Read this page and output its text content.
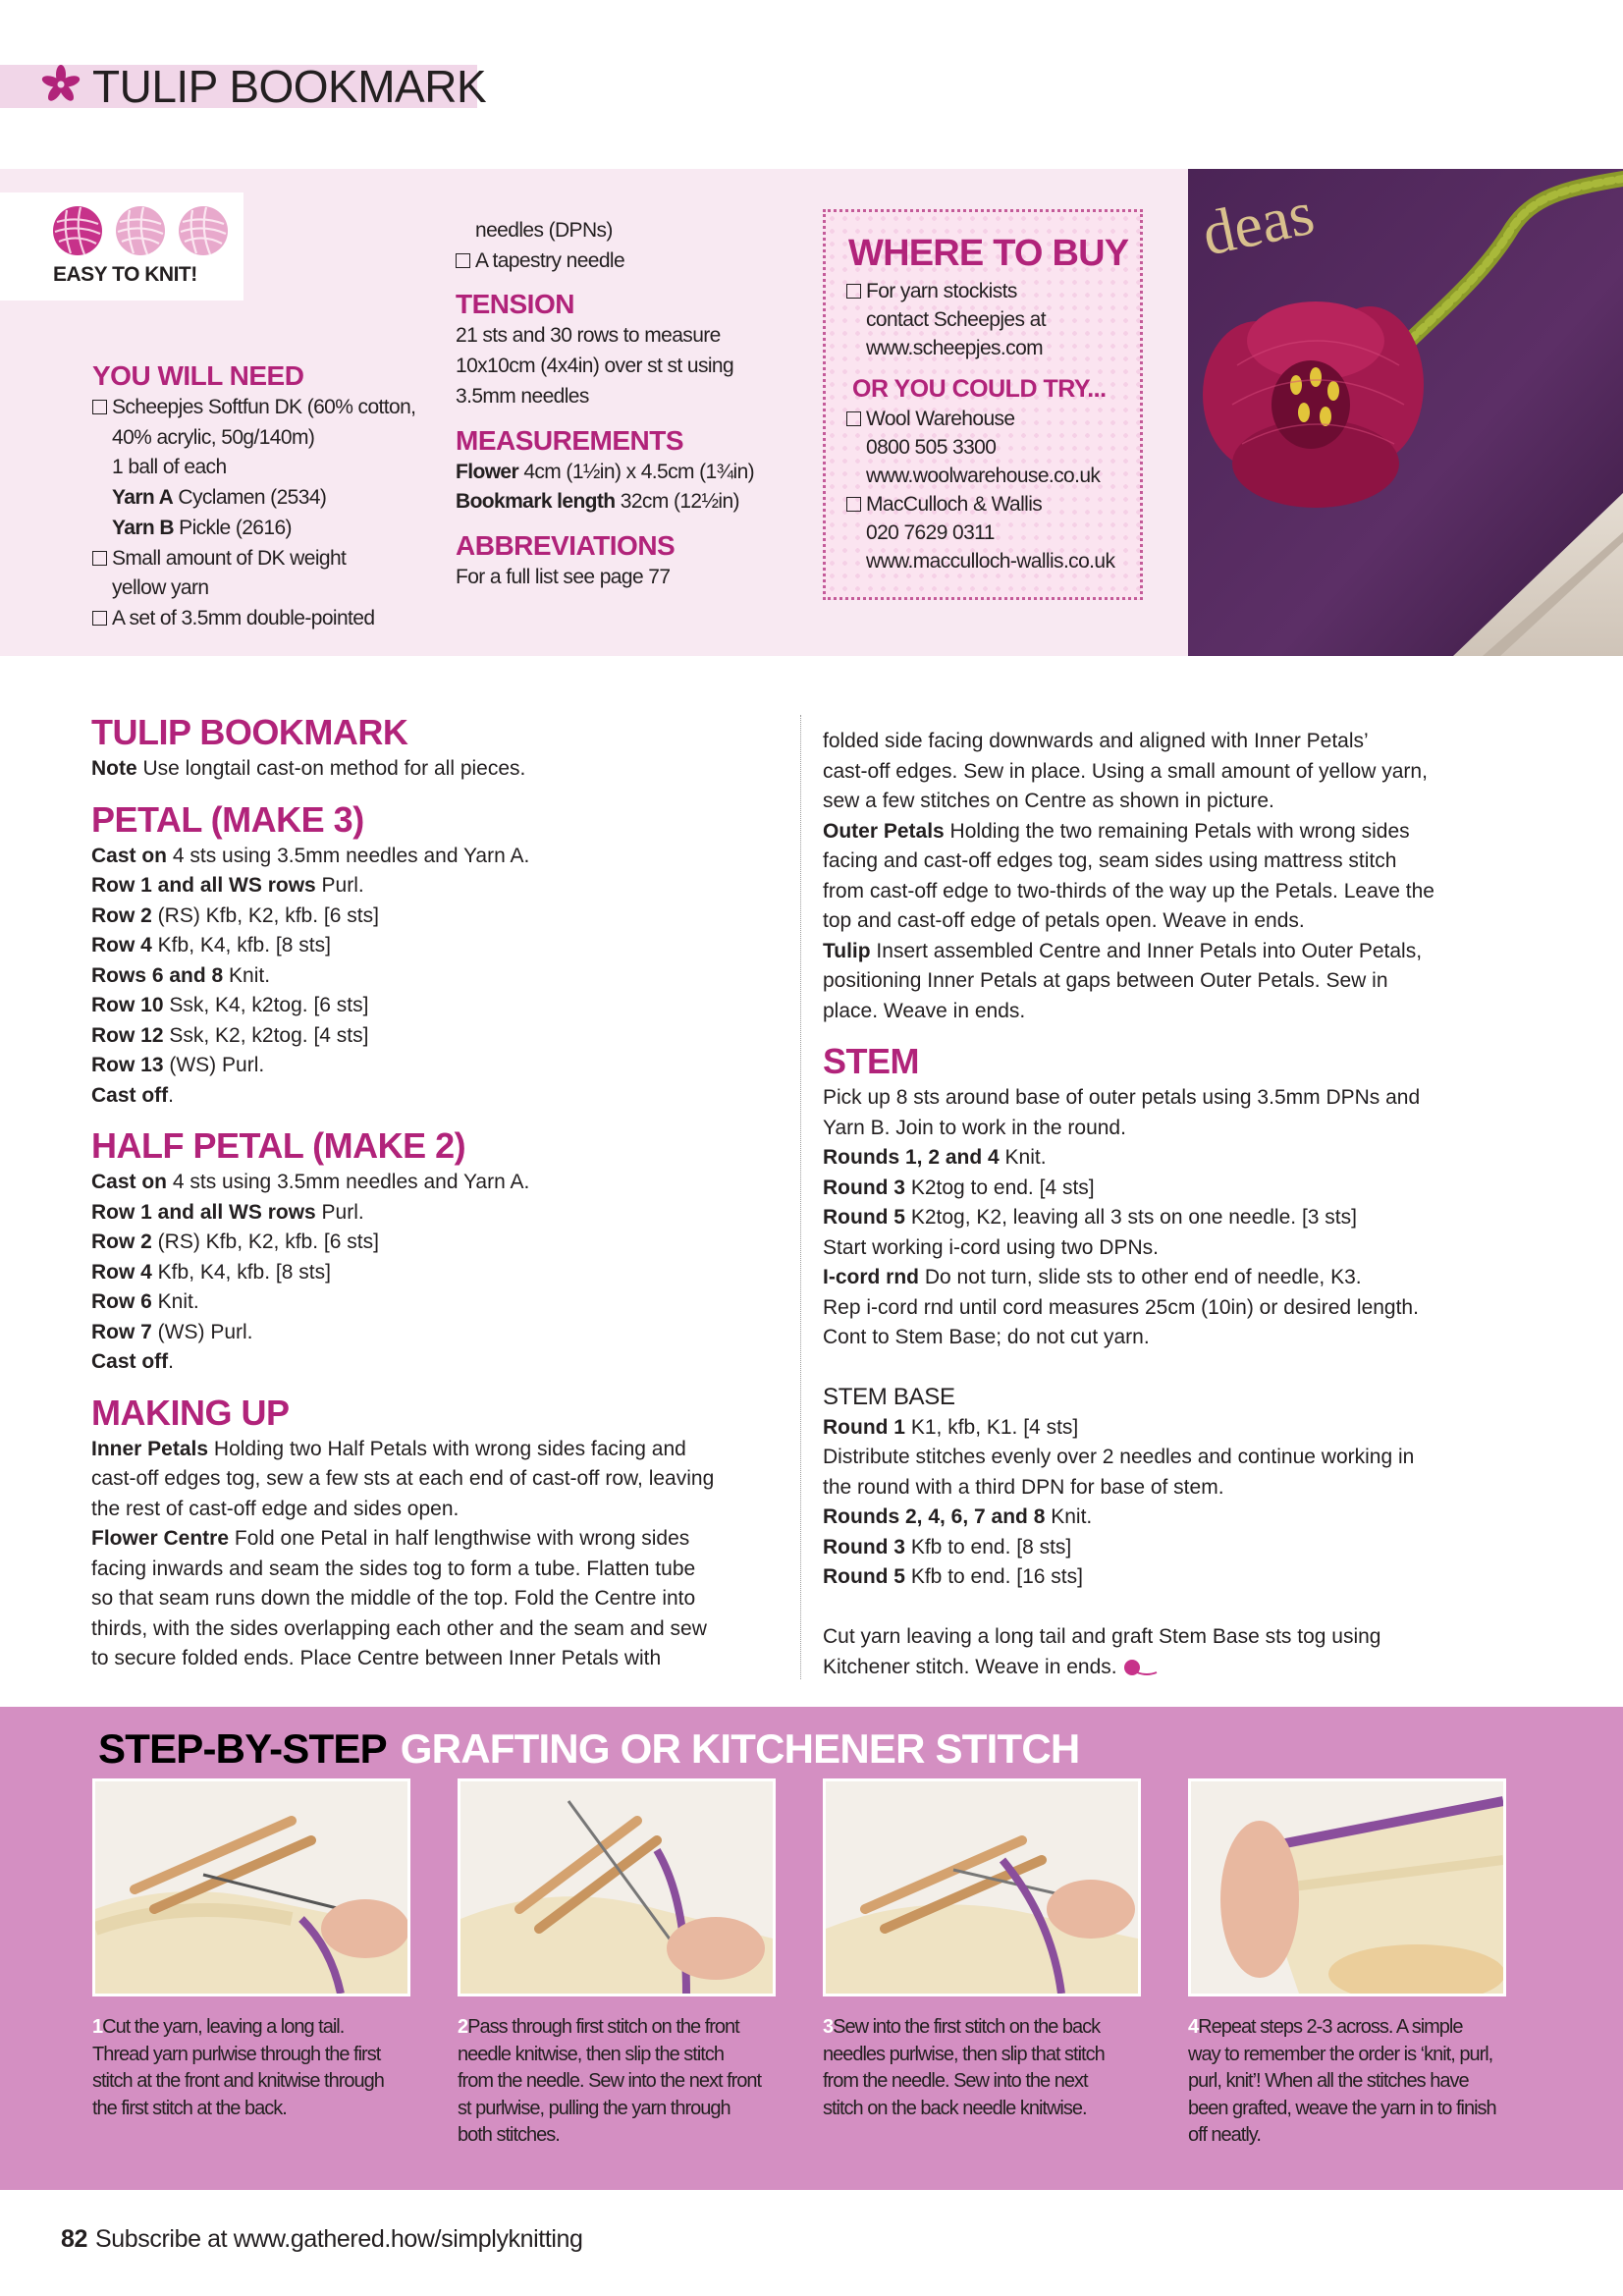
TULIP BOOKMARK
EASY TO KNIT!
YOU WILL NEED
Scheepjes Softfun DK (60% cotton,
40% acrylic, 50g/140m)
1 ball of each
Yarn A Cyclamen (2534)
Yarn B Pickle (2616)
Small amount of DK weight
yellow yarn
A set of 3.5mm double-pointed
needles (DPNs)
A tapestry needle
TENSION
21 sts and 30 rows to measure
10x10cm (4x4in) over st st using
3.5mm needles
MEASUREMENTS
Flower 4cm (1½in) x 4.5cm (1¾in)
Bookmark length 32cm (12½in)
ABBREVIATIONS
For a full list see page 77
WHERE TO BUY
For yarn stockists
contact Scheepjes at
www.scheepjes.com
OR YOU COULD TRY...
Wool Warehouse
0800 505 3300
www.woolwarehouse.co.uk
MacCulloch & Wallis
020 7629 0311
www.macculloch-wallis.co.uk
deas
TULIP BOOKMARK
Note Use longtail cast-on method for all pieces.
PETAL (MAKE 3)
Cast on 4 sts using 3.5mm needles and Yarn A.
Row 1 and all WS rows Purl.
Row 2 (RS) Kfb, K2, kfb. [6 sts]
Row 4 Kfb, K4, kfb. [8 sts]
Rows 6 and 8 Knit.
Row 10 Ssk, K4, k2tog. [6 sts]
Row 12 Ssk, K2, k2tog. [4 sts]
Row 13 (WS) Purl.
Cast off.
HALF PETAL (MAKE 2)
Cast on 4 sts using 3.5mm needles and Yarn A.
Row 1 and all WS rows Purl.
Row 2 (RS) Kfb, K2, kfb. [6 sts]
Row 4 Kfb, K4, kfb. [8 sts]
Row 6 Knit.
Row 7 (WS) Purl.
Cast off.
MAKING UP
Inner Petals Holding two Half Petals with wrong sides facing and
cast-off edges tog, sew a few sts at each end of cast-off row, leaving
the rest of cast-off edge and sides open.
Flower Centre Fold one Petal in half lengthwise with wrong sides
facing inwards and seam the sides tog to form a tube. Flatten tube
so that seam runs down the middle of the top. Fold the Centre into
thirds, with the sides overlapping each other and the seam and sew
to secure folded ends. Place Centre between Inner Petals with
folded side facing downwards and aligned with Inner Petals’
cast-off edges. Sew in place. Using a small amount of yellow yarn,
sew a few stitches on Centre as shown in picture.
Outer Petals Holding the two remaining Petals with wrong sides
facing and cast-off edges tog, seam sides using mattress stitch
from cast-off edge to two-thirds of the way up the Petals. Leave the
top and cast-off edge of petals open. Weave in ends.
Tulip Insert assembled Centre and Inner Petals into Outer Petals,
positioning Inner Petals at gaps between Outer Petals. Sew in
place. Weave in ends.
STEM
Pick up 8 sts around base of outer petals using 3.5mm DPNs and
Yarn B. Join to work in the round.
Rounds 1, 2 and 4 Knit.
Round 3 K2tog to end. [4 sts]
Round 5 K2tog, K2, leaving all 3 sts on one needle. [3 sts]
Start working i-cord using two DPNs.
I-cord rnd Do not turn, slide sts to other end of needle, K3.
Rep i-cord rnd until cord measures 25cm (10in) or desired length.
Cont to Stem Base; do not cut yarn.
STEM BASE
Round 1 K1, kfb, K1. [4 sts]
Distribute stitches evenly over 2 needles and continue working in
the round with a third DPN for base of stem.
Rounds 2, 4, 6, 7 and 8 Knit.
Round 3 Kfb to end. [8 sts]
Round 5 Kfb to end. [16 sts]
Cut yarn leaving a long tail and graft Stem Base sts tog using
Kitchener stitch. Weave in ends.
STEP-BY-STEP GRAFTING OR KITCHENER STITCH
1Cut the yarn, leaving a long tail.
Thread yarn purlwise through the first
stitch at the front and knitwise through
the first stitch at the back.
2Pass through first stitch on the front
needle knitwise, then slip the stitch
from the needle. Sew into the next front
st purlwise, pulling the yarn through
both stitches.
3Sew into the first stitch on the back
needles purlwise, then slip that stitch
from the needle. Sew into the next
stitch on the back needle knitwise.
4Repeat steps 2-3 across. A simple
way to remember the order is ‘knit, purl,
purl, knit’! When all the stitches have
been grafted, weave the yarn in to finish
off neatly.
82 Subscribe at www.gathered.how/simplyknitting
